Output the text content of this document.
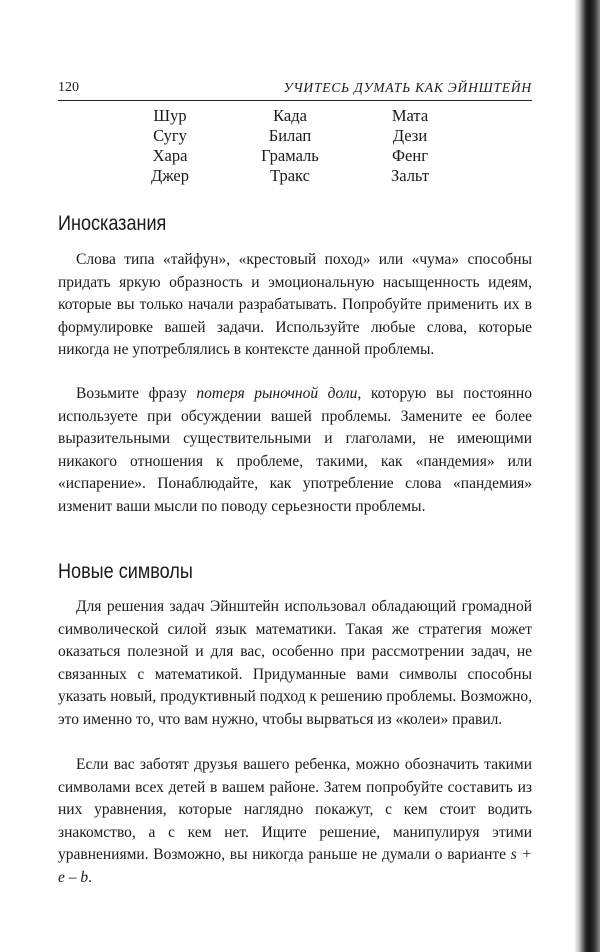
120	УЧИТЕСЬ ДУМАТЬ КАК ЭЙНШТЕЙН
Шур	Када	Мата
Сугу	Билап	Дези
Хара	Грамаль	Фенг
Джер	Тракс	Зальт
Иносказания

Слова типа «тайфун», «крестовый поход» или «чума» способны придать яркую образность и эмоциональную насыщенность идеям, которые вы только начали разрабатывать. Попробуйте применить их в формулировке вашей задачи. Используйте любые слова, которые никогда не употреблялись в контексте данной проблемы.

Возьмите фразу потеря рыночной доли, которую вы постоянно используете при обсуждении вашей проблемы. Замените ее более выразительными существительными и глаголами, не имеющими никакого отношения к проблеме, такими, как «пандемия» или «испарение». Понаблюдайте, как употребление слова «пандемия» изменит ваши мысли по поводу серьезности проблемы.

Новые символы

Для решения задач Эйнштейн использовал обладающий громадной символической силой язык математики. Такая же стратегия может оказаться полезной и для вас, особенно при рассмотрении задач, не связанных с математикой. Придуманные вами символы способны указать новый, продуктивный подход к решению проблемы. Возможно, это именно то, что вам нужно, чтобы вырваться из «колеи» правил.

Если вас заботят друзья вашего ребенка, можно обозначить такими символами всех детей в вашем районе. Затем попробуйте составить из них уравнения, которые наглядно покажут, с кем стоит водить знакомство, а с кем нет. Ищите решение, манипулируя этими уравнениями. Возможно, вы никогда раньше не думали о варианте s + e – b.
